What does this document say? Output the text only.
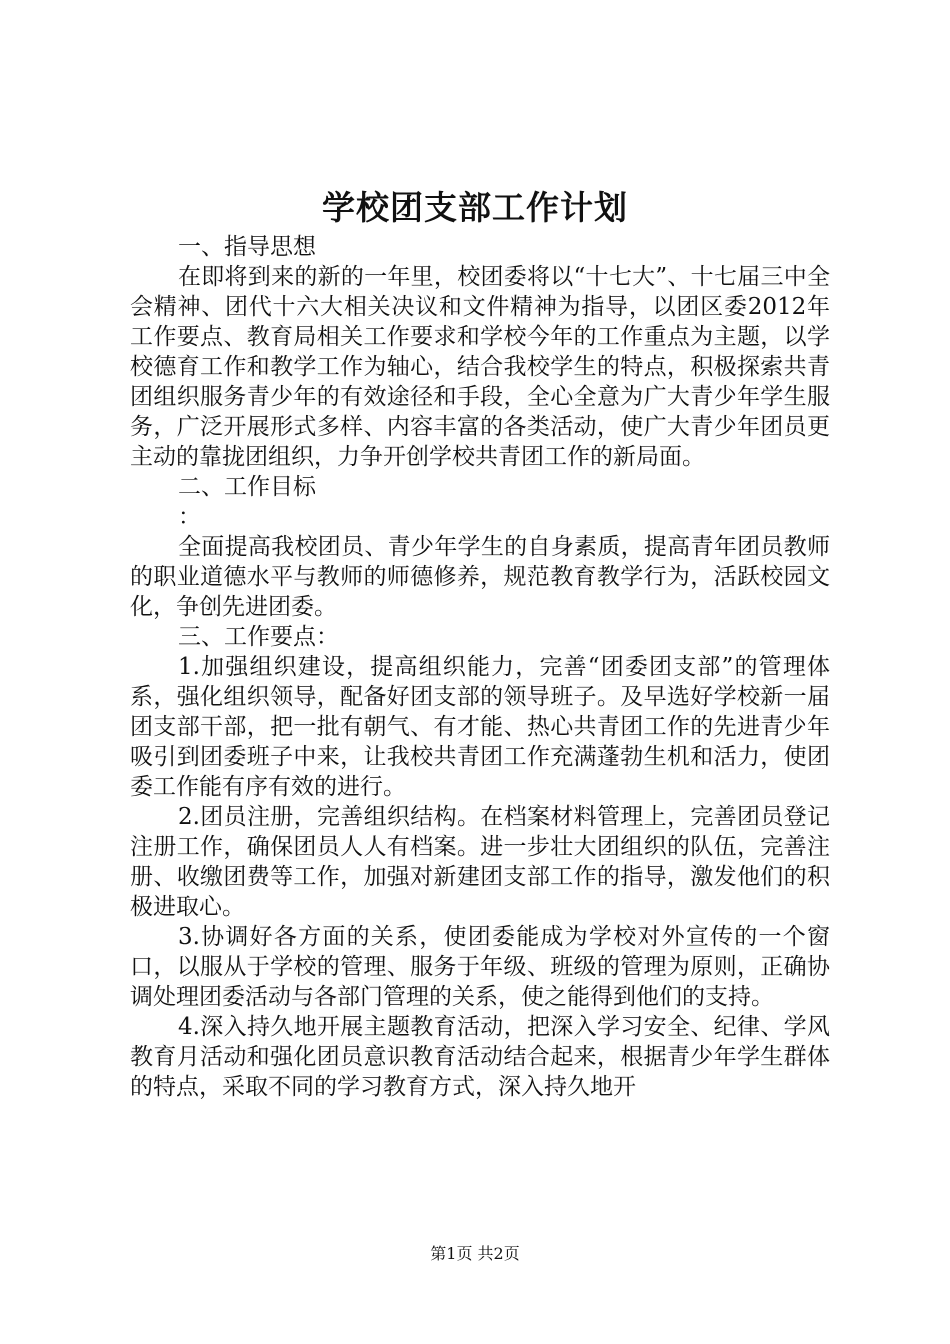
学校团支部工作计划

一、指导思想

在即将到来的新的一年里，校团委将以“十七大”、十七届三中全会精神、团代十六大相关决议和文件精神为指导，以团区委2012年工作要点、教育局相关工作要求和学校今年的工作重点为主题，以学校德育工作和教学工作为轴心，结合我校学生的特点，积极探索共青团组织服务青少年的有效途径和手段，全心全意为广大青少年学生服务，广泛开展形式多样、内容丰富的各类活动，使广大青少年团员更主动的靠拢团组织，力争开创学校共青团工作的新局面。

二、工作目标

：

全面提高我校团员、青少年学生的自身素质，提高青年团员教师的职业道德水平与教师的师德修养，规范教育教学行为，活跃校园文化，争创先进团委。

三、工作要点：

1.加强组织建设，提高组织能力，完善“团委团支部”的管理体系，强化组织领导，配备好团支部的领导班子。及早选好学校新一届团支部干部，把一批有朝气、有才能、热心共青团工作的先进青少年吸引到团委班子中来，让我校共青团工作充满蓬勃生机和活力，使团委工作能有序有效的进行。

2.团员注册，完善组织结构。在档案材料管理上，完善团员登记注册工作，确保团员人人有档案。进一步壮大团组织的队伍，完善注册、收缴团费等工作，加强对新建团支部工作的指导，激发他们的积极进取心。

3.协调好各方面的关系，使团委能成为学校对外宣传的一个窗口，以服从于学校的管理、服务于年级、班级的管理为原则，正确协调处理团委活动与各部门管理的关系，使之能得到他们的支持。

4.深入持久地开展主题教育活动，把深入学习安全、纪律、学风教育月活动和强化团员意识教育活动结合起来，根据青少年学生群体的特点，采取不同的学习教育方式，深入持久地开

第1页 共2页
